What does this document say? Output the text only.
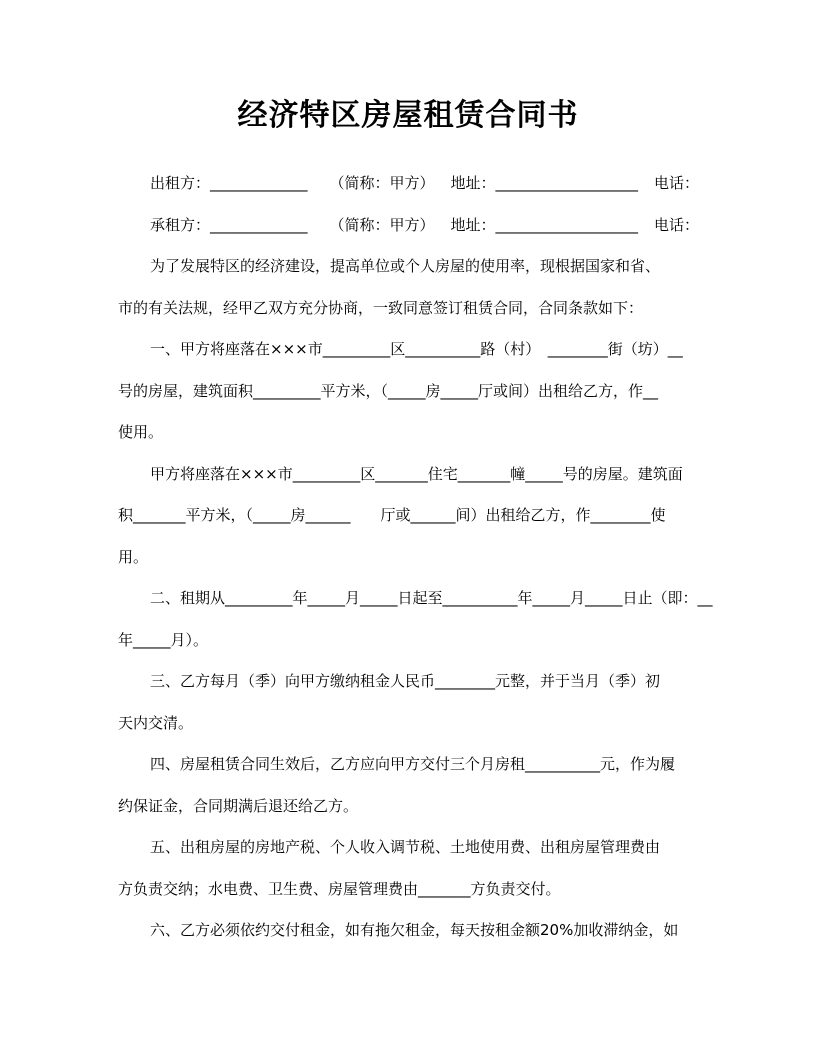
经济特区房屋租赁合同书
出租方：_____________ （简称：甲方） 地址：___________________ 电话：
承租方：_____________ （简称：甲方） 地址：___________________ 电话：
为了发展特区的经济建设，提高单位或个人房屋的使用率，现根据国家和省、
市的有关法规，经甲乙双方充分协商，一致同意签订租赁合同，合同条款如下：
一、甲方将座落在×××市_________区__________路（村）　________街（坊）__
号的房屋，建筑面积_________平方米，（_____房_____厅或间）出租给乙方，作__
使用。
甲方将座落在×××市_________区_______住宅_______幢_____号的房屋。建筑面
积_______平方米，（_____房______　　厅或______间）出租给乙方，作________使
用。
二、租期从_________年_____月_____日起至__________年_____月_____日止（即：__
年_____月）。
三、乙方每月（季）向甲方缴纳租金人民币________元整，并于当月（季）初
天内交清。
四、房屋租赁合同生效后，乙方应向甲方交付三个月房租__________元，作为履
约保证金，合同期满后退还给乙方。
五、出租房屋的房地产税、个人收入调节税、土地使用费、出租房屋管理费由
方负责交纳；水电费、卫生费、房屋管理费由_______方负责交付。
六、乙方必须依约交付租金，如有拖欠租金，每天按租金额20%加收滞纳金，如
